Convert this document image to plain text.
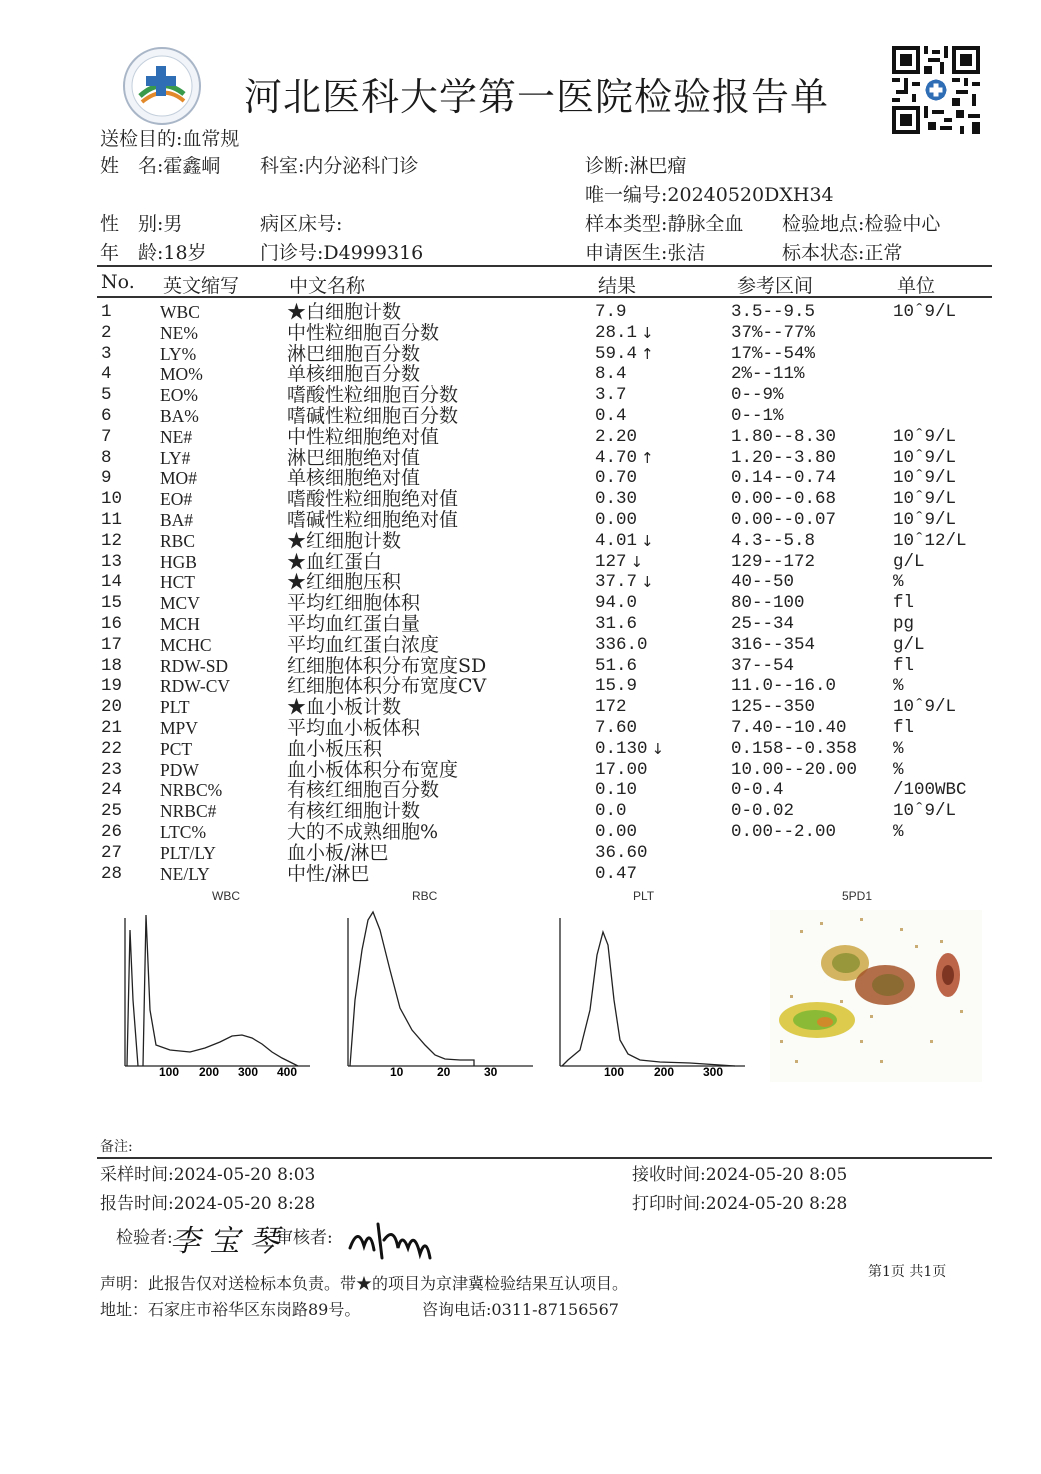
河北医科大学第一医院检验报告单
送检目的:血常规
姓　名:霍鑫峒 科室:内分泌科门诊	诊断:淋巴瘤
唯一编号:20240520DXH34
性　别:男	病区床号:	样本类型:静脉全血 检验地点:检验中心
年　龄:18岁	门诊号:D4999316	申请医生:张洁	标本状态:正常
No. 英文缩写	中文名称	结果	参考区间	单位
1	WBC	★白细胞计数	7.9	3.5--9.5	10ˆ9/L
2	NE%	中性粒细胞百分数	28.1 ↓	37%--77%
3	LY%	淋巴细胞百分数	59.4 ↑	17%--54%
4	MO%	单核细胞百分数	8.4	2%--11%
5	EO%	嗜酸性粒细胞百分数	3.7	0--9%
6	BA%	嗜碱性粒细胞百分数	0.4	0--1%
7	NE#	中性粒细胞绝对值	2.20	1.80--8.30	10ˆ9/L
8	LY#	淋巴细胞绝对值	4.70 ↑	1.20--3.80	10ˆ9/L
9	MO#	单核细胞绝对值	0.70	0.14--0.74	10ˆ9/L
10 EO#	嗜酸性粒细胞绝对值	0.30	0.00--0.68	10ˆ9/L
11 BA#	嗜碱性粒细胞绝对值	0.00	0.00--0.07	10ˆ9/L
12 RBC	★红细胞计数	4.01 ↓	4.3--5.8	10ˆ12/L
13 HGB	★血红蛋白	127 ↓	129--172	g/L
14 HCT	★红细胞压积	37.7 ↓	40--50	%
15 MCV	平均红细胞体积	94.0	80--100	fl
16 MCH	平均血红蛋白量	31.6	25--34	pg
17 MCHC	平均血红蛋白浓度	336.0	316--354	g/L
18 RDW-SD	红细胞体积分布宽度SD	51.6	37--54	fl
19 RDW-CV	红细胞体积分布宽度CV	15.9	11.0--16.0	%
20 PLT	★血小板计数	172	125--350	10ˆ9/L
21 MPV	平均血小板体积	7.60	7.40--10.40	fl
22 PCT	血小板压积	0.130 ↓	0.158--0.358 %
23 PDW	血小板体积分布宽度	17.00	10.00--20.00 %
24 NRBC%	有核红细胞百分数	0.10	0-0.4	/100WBC
25 NRBC#	有核红细胞计数	0.0	0-0.02	10ˆ9/L
26 LTC%	大的不成熟细胞%	0.00	0.00--2.00	%
27 PLT/LY	血小板/淋巴	36.60
28 NE/LY	中性/淋巴	0.47
WBC	RBC	PLT	5PD1
100 200 300 400	10	20	30	100 200 300
备注:
采样时间:2024-05-20 8:03	接收时间:2024-05-20 8:05
报告时间:2024-05-20 8:28	打印时间:2024-05-20 8:28
检验者:
李 宝 琴
审核者:
第1页 共1页
声明：此报告仅对送检标本负责。带★的项目为京津冀检验结果互认项目。
地址：石家庄市裕华区东岗路89号。	咨询电话:0311-87156567
